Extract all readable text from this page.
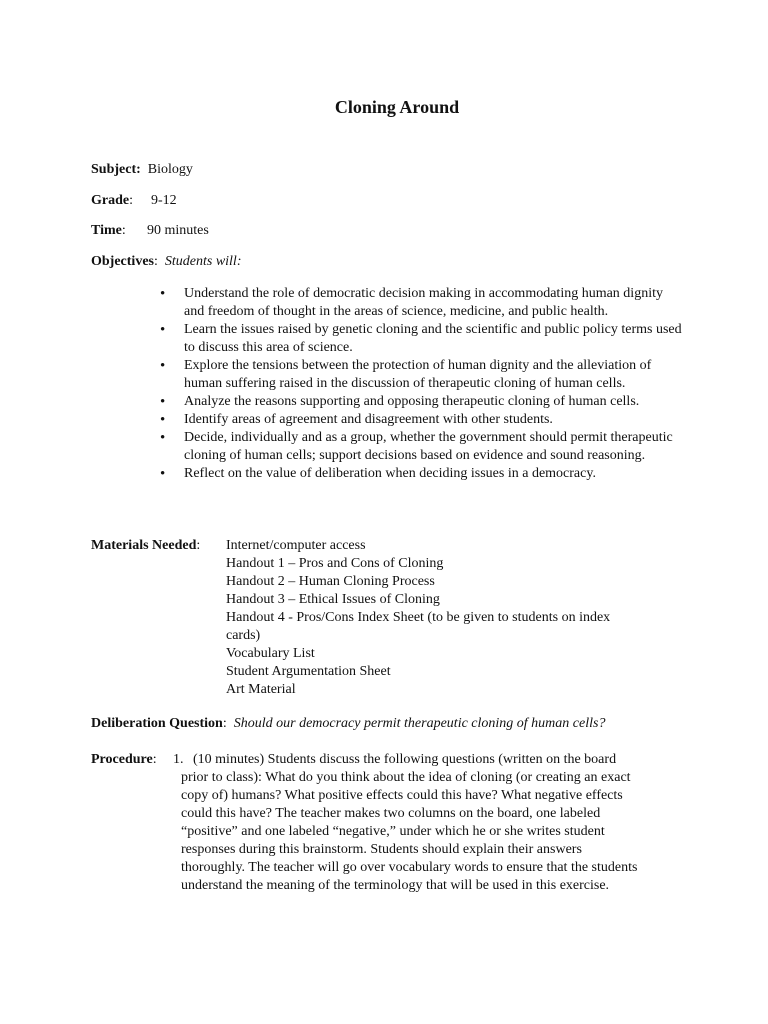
Cloning Around
Subject: Biology
Grade: 9-12
Time: 90 minutes
Objectives: Students will:
• Understand the role of democratic decision making in accommodating human dignity and freedom of thought in the areas of science, medicine, and public health.
• Learn the issues raised by genetic cloning and the scientific and public policy terms used to discuss this area of science.
• Explore the tensions between the protection of human dignity and the alleviation of human suffering raised in the discussion of therapeutic cloning of human cells.
• Analyze the reasons supporting and opposing therapeutic cloning of human cells.
• Identify areas of agreement and disagreement with other students.
• Decide, individually and as a group, whether the government should permit therapeutic cloning of human cells; support decisions based on evidence and sound reasoning.
• Reflect on the value of deliberation when deciding issues in a democracy.
Materials Needed: Internet/computer access
Handout 1 – Pros and Cons of Cloning
Handout 2 – Human Cloning Process
Handout 3 – Ethical Issues of Cloning
Handout 4 - Pros/Cons Index Sheet (to be given to students on index
cards)
Vocabulary List
Student Argumentation Sheet
Art Material
Deliberation Question: Should our democracy permit therapeutic cloning of human cells?
Procedure: 1. (10 minutes) Students discuss the following questions (written on the board prior to class): What do you think about the idea of cloning (or creating an exact copy of) humans? What positive effects could this have? What negative effects could this have? The teacher makes two columns on the board, one labeled “positive” and one labeled “negative,” under which he or she writes student responses during this brainstorm. Students should explain their answers thoroughly. The teacher will go over vocabulary words to ensure that the students understand the meaning of the terminology that will be used in this exercise.
